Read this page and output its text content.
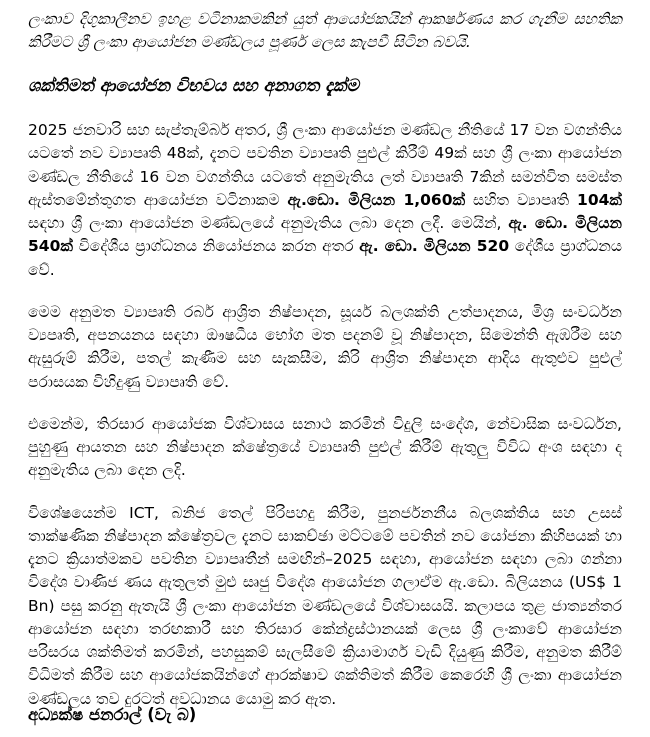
ලංකාව දිගුකාලීනව ඉහළ වටිනාකමකින් යුත් ආයෝජකයින් ආකර්ෂණය කර ගැනීම සහතික කිරීමට ශ්‍රී ලංකා ආයෝජන මණ්ඩලය පූර්ණ ලෙස කැපවී සිටින බවයි.

ශක්තිමත් ආයෝජන විභවය සහ අනාගත දැක්ම

2025 ජනවාරි සහ සැප්තැම්බර් අතර, ශ්‍රී ලංකා ආයෝජන මණ්ඩල නීතියේ 17 වන වගන්තිය යටතේ නව ව්‍යාපෘති 48ක්, දැනට පවතින ව්‍යාපෘති පුළුල් කිරීම් 49ක් සහ ශ්‍රී ලංකා ආයෝජන මණ්ඩල නීතියේ 16 වන වගන්තිය යටතේ අනුමැතිය ලත් ව්‍යාපෘති 7කින් සමන්විත සමස්ත ඇස්තමේන්තුගත ආයෝජන වටිනාකම ඇ.ඩො. මිලියන 1,060ක් සහිත ව්‍යාපෘති 104ක් සඳහා ශ්‍රී ලංකා ආයෝජන මණ්ඩලයේ අනුමැතිය ලබා දෙන ලදී. මෙයින්, ඇ. ඩො. මිලියන 540ක් විදේශීය ප්‍රාග්ධනය නියෝජනය කරන අතර ඇ. ඩො. මිලියන 520 දේශීය ප්‍රාග්ධනය වේ.

මෙම අනුමත ව්‍යාපෘති රබර් ආශ්‍රිත නිෂ්පාදන, සූර්ය බලශක්ති උත්පාදනය, මිශ්‍ර සංවර්ධන ව්‍යපෘති, අපනයනය සඳහා ඖෂධීය භෝග මත පදනම් වූ නිෂ්පාදන, සිමෙන්ති ඇඹරීම සහ ඇසුරුම් කිරීම, පතල් කැණීම සහ සැකසීම, කිරි ආශ්‍රිත නිෂ්පාදන ආදිය ඇතුළුව පුළුල් පරාසයක විහිදුණු ව්‍යාපෘති වේ.

එමෙන්ම, තිරසාර ආයෝජක විශ්වාසය සනාථ කරමින් විදුලි සංදේශ, නේවාසික සංවර්ධන, පුහුණු ආයතන සහ නිෂ්පාදන ක්ෂේත්‍රයේ ව්‍යාපෘති පුළුල් කිරීම් ඇතුලු විවිධ අංශ සඳහා ද අනුමැතිය ලබා දෙන ලදි.

විශේෂයෙන්ම ICT, බනිජ තෙල් පිරිපහදු කිරීම, පුනර්ජනනීය බලශක්තිය සහ උසස් තාක්ෂණික නිෂ්පාදන ක්ෂේත්‍රවල දැනට සාකච්ඡා මට්ටමේ පවතින් නව යෝජනා කිහිපයක් හා දැනට ක්‍රියාත්මකව පවතින ව්‍යාපෘතීන් සමඟින්–2025 සඳහා, ආයෝජන සඳහා ලබා ගන්නා විදේශ වාණිජ ණය ඇතුලත් මුළු සෘජු විදේශ ආයෝජන ගලාඒම ඇ.ඩො. බිලියනය (US$ 1 Bn) පසු කරනු ඇතැයි ශ්‍රී ලංකා ආයෝජන මණ්ඩලයේ විශ්වාසයයි. කලාපය තුළ ජාත්‍යන්තර ආයෝජන සඳහා තරඟකාරී සහ තිරසාර කේන්ද්‍රස්ථානයක් ලෙස ශ්‍රී ලංකාවේ ආයෝජන පරිසරය ශක්තිමත් කරමින්, පහසුකම් සැලසීමේ ක්‍රියාමාර්ග වැඩි දියුණු කිරීම, අනුමත කිරීම් විධිමත් කිරීම සහ ආයෝජකයින්ගේ ආරක්ෂාව ශක්තිමත් කිරීම කෙරෙහි ශ්‍රී ලංකා ආයෝජන මණ්ඩලය තව දුරටත් අවධානය යොමු කර ඇත.

අධ්‍යක්ෂ ජනරාල් (වැ බ)
